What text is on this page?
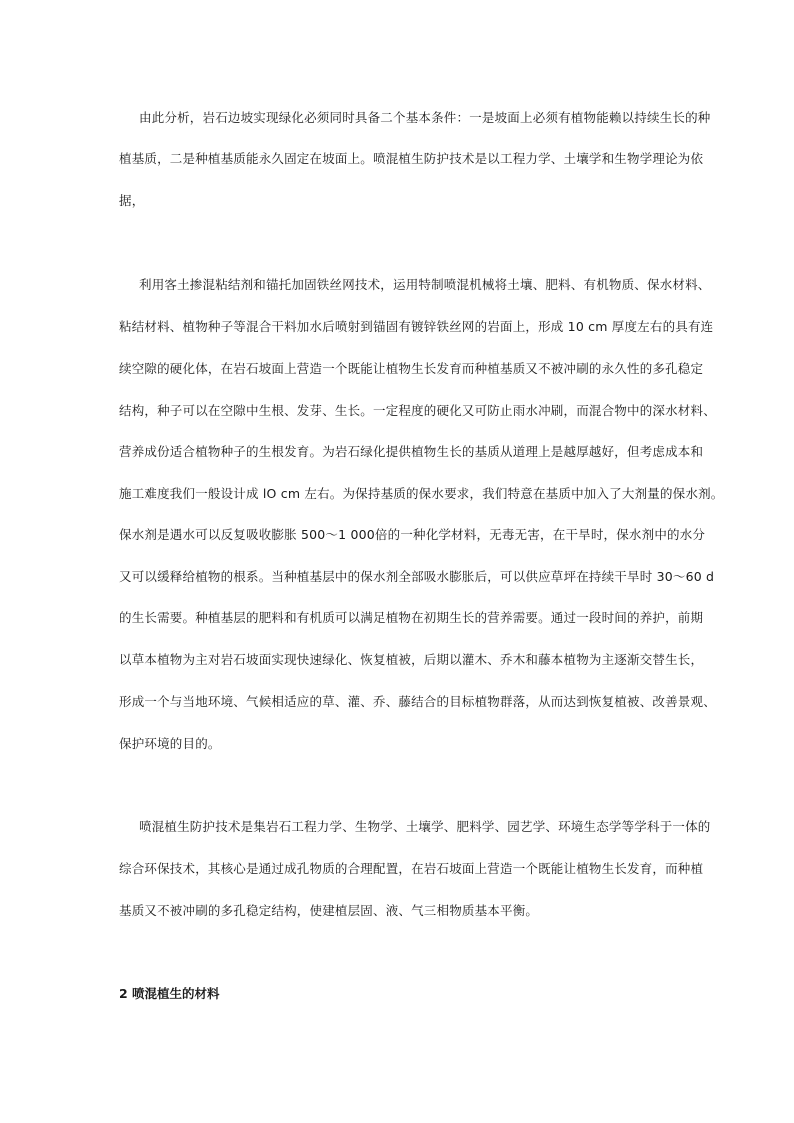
由此分析，岩石边坡实现绿化必须同时具备二个基本条件：一是坡面上必须有植物能赖以持续生长的种
植基质，二是种植基质能永久固定在坡面上。喷混植生防护技术是以工程力学、土壤学和生物学理论为依
据，
利用客土掺混粘结剂和锚托加固铁丝网技术，运用特制喷混机械将土壤、肥料、有机物质、保水材料、
粘结材料、植物种子等混合干料加水后喷射到锚固有镀锌铁丝网的岩面上，形成 10 cm 厚度左右的具有连
续空隙的硬化体，在岩石坡面上营造一个既能让植物生长发育而种植基质又不被冲刷的永久性的多孔稳定
结构，种子可以在空隙中生根、发芽、生长。一定程度的硬化又可防止雨水冲刷，而混合物中的深水材料、
营养成份适合植物种子的生根发育。为岩石绿化提供植物生长的基质从道理上是越厚越好，但考虑成本和
施工难度我们一般设计成 lO cm 左右。为保持基质的保水要求，我们特意在基质中加入了大剂量的保水剂。
保水剂是遇水可以反复吸收膨胀 500～1 000倍的一种化学材料，无毒无害，在干旱时，保水剂中的水分
又可以缓释给植物的根系。当种植基层中的保水剂全部吸水膨胀后，可以供应草坪在持续干旱时 30～60 d
的生长需要。种植基层的肥料和有机质可以满足植物在初期生长的营养需要。通过一段时间的养护，前期
以草本植物为主对岩石坡面实现快速绿化、恢复植被，后期以灌木、乔木和藤本植物为主逐渐交替生长，
形成一个与当地环境、气候相适应的草、灌、乔、藤结合的目标植物群落，从而达到恢复植被、改善景观、
保护环境的目的。
喷混植生防护技术是集岩石工程力学、生物学、土壤学、肥料学、园艺学、环境生态学等学科于一体的
综合环保技术，其核心是通过成孔物质的合理配置，在岩石坡面上营造一个既能让植物生长发育，而种植
基质又不被冲刷的多孔稳定结构，使建植层固、液、气三相物质基本平衡。
2 喷混植生的材料
